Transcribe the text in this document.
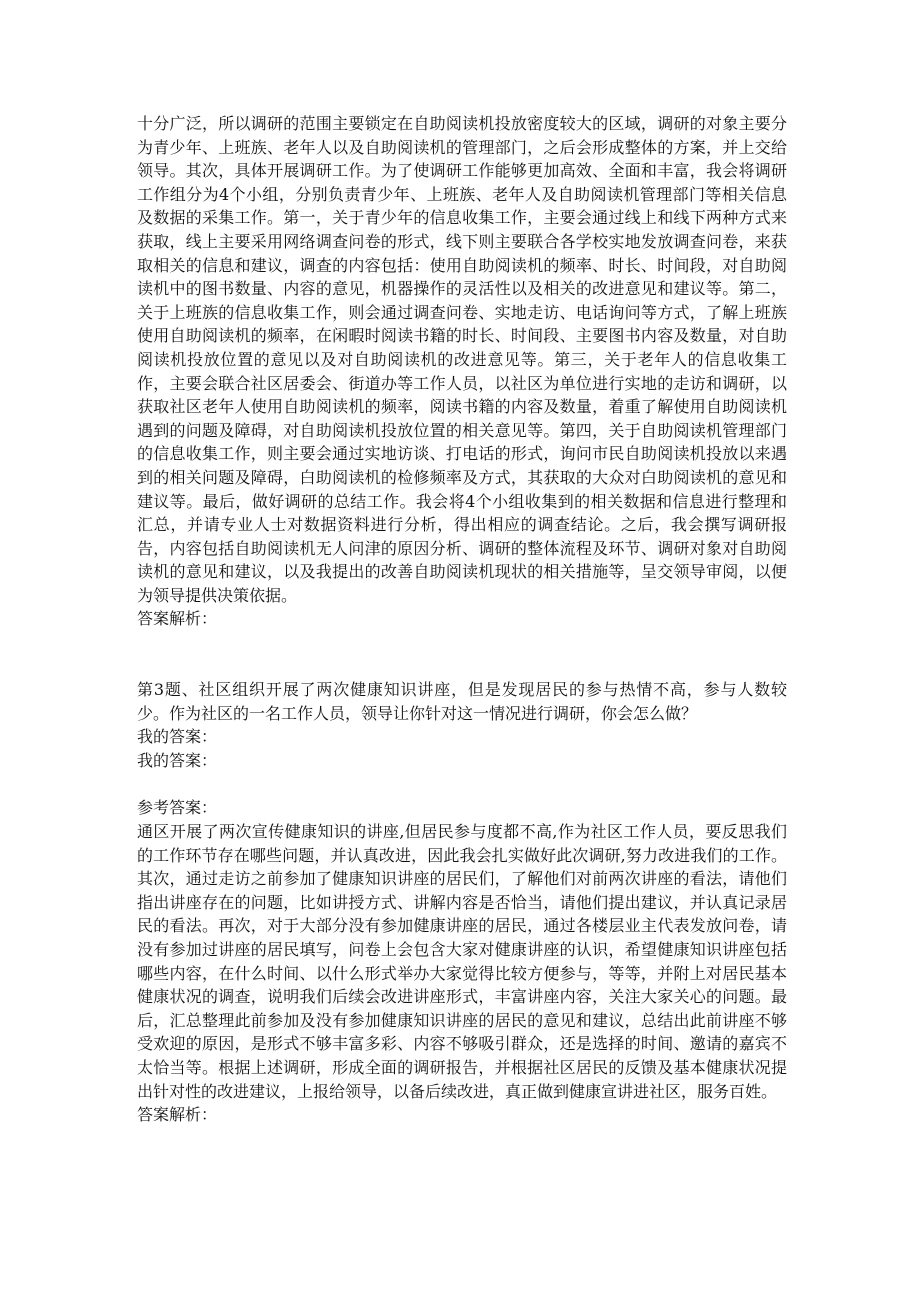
十分广泛，所以调研的范围主要锁定在自助阅读机投放密度较大的区域，调研的对象主要分为青少年、上班族、老年人以及自助阅读机的管理部门，之后会形成整体的方案，并上交给领导。其次，具体开展调研工作。为了使调研工作能够更加高效、全面和丰富，我会将调研工作组分为4个小组，分别负责青少年、上班族、老年人及自助阅读机管理部门等相关信息及数据的采集工作。第一，关于青少年的信息收集工作，主要会通过线上和线下两种方式来获取，线上主要采用网络调查问卷的形式，线下则主要联合各学校实地发放调查问卷，来获取相关的信息和建议，调查的内容包括：使用自助阅读机的频率、时长、时间段，对自助阅读机中的图书数量、内容的意见，机器操作的灵活性以及相关的改进意见和建议等。第二，关于上班族的信息收集工作，则会通过调查问卷、实地走访、电话询问等方式，了解上班族使用自助阅读机的频率，在闲暇时阅读书籍的时长、时间段、主要图书内容及数量，对自助阅读机投放位置的意见以及对自助阅读机的改进意见等。第三，关于老年人的信息收集工作，主要会联合社区居委会、街道办等工作人员，以社区为单位进行实地的走访和调研，以获取社区老年人使用自助阅读机的频率，阅读书籍的内容及数量，着重了解使用自助阅读机遇到的问题及障碍，对自助阅读机投放位置的相关意见等。第四，关于自助阅读机管理部门的信息收集工作，则主要会通过实地访谈、打电话的形式，询问市民自助阅读机投放以来遇到的相关问题及障碍，白助阅读机的检修频率及方式，其获取的大众对白助阅读机的意见和建议等。最后，做好调研的总结工作。我会将4个小组收集到的相关数据和信息进行整理和汇总，并请专业人士对数据资料进行分析，得出相应的调查结论。之后，我会撰写调研报告，内容包括自助阅读机无人问津的原因分析、调研的整体流程及环节、调研对象对自助阅读机的意见和建议，以及我提出的改善自助阅读机现状的相关措施等，呈交领导审阅，以便为领导提供决策依据。

答案解析：

第3题、社区组织开展了两次健康知识讲座，但是发现居民的参与热情不高，参与人数较少。作为社区的一名工作人员，领导让你针对这一情况进行调研，你会怎么做？

我的答案：

我的答案：

参考答案：

通区开展了两次宣传健康知识的讲座,但居民参与度都不高,作为社区工作人员，要反思我们的工作环节存在哪些问题，并认真改进，因此我会扎实做好此次调研,努力改进我们的工作。其次，通过走访之前参加了健康知识讲座的居民们，了解他们对前两次讲座的看法，请他们指出讲座存在的问题，比如讲授方式、讲解内容是否恰当，请他们提出建议，并认真记录居民的看法。再次，对于大部分没有参加健康讲座的居民，通过各楼层业主代表发放问卷，请没有参加过讲座的居民填写，问卷上会包含大家对健康讲座的认识，希望健康知识讲座包括哪些内容，在什么时间、以什么形式举办大家觉得比较方便参与，等等，并附上对居民基本健康状况的调查，说明我们后续会改进讲座形式，丰富讲座内容，关注大家关心的问题。最后，汇总整理此前参加及没有参加健康知识讲座的居民的意见和建议，总结出此前讲座不够受欢迎的原因，是形式不够丰富多彩、内容不够吸引群众，还是选择的时间、邀请的嘉宾不太恰当等。根据上述调研，形成全面的调研报告，并根据社区居民的反馈及基本健康状况提出针对性的改进建议，上报给领导，以备后续改进，真正做到健康宣讲进社区，服务百姓。

答案解析：
